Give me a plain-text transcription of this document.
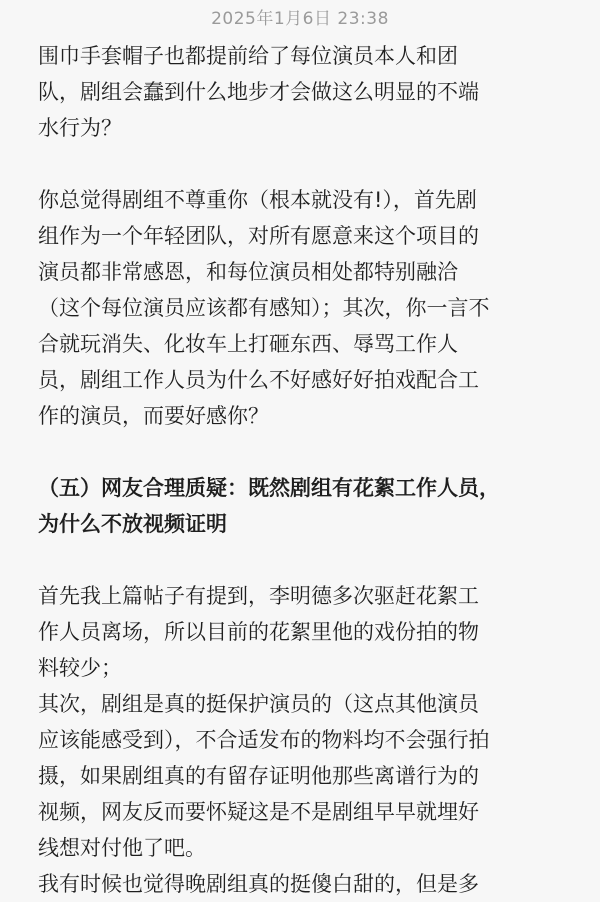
2025年1月6日 23:38
围巾手套帽子也都提前给了每位演员本人和团
队，剧组会蠢到什么地步才会做这么明显的不端
水行为？
你总觉得剧组不尊重你（根本就没有!），首先剧
组作为一个年轻团队，对所有愿意来这个项目的
演员都非常感恩，和每位演员相处都特别融洽
（这个每位演员应该都有感知）；其次，你一言不
合就玩消失、化妆车上打砸东西、辱骂工作人
员，剧组工作人员为什么不好感好好拍戏配合工
作的演员，而要好感你？
（五）网友合理质疑：既然剧组有花絮工作人员，
为什么不放视频证明
首先我上篇帖子有提到，李明德多次驱赶花絮工
作人员离场，所以目前的花絮里他的戏份拍的物
料较少；
其次，剧组是真的挺保护演员的（这点其他演员
应该能感受到），不合适发布的物料均不会强行拍
摄，如果剧组真的有留存证明他那些离谱行为的
视频，网友反而要怀疑这是不是剧组早早就埋好
线想对付他了吧。
我有时候也觉得晚剧组真的挺傻白甜的，但是多
